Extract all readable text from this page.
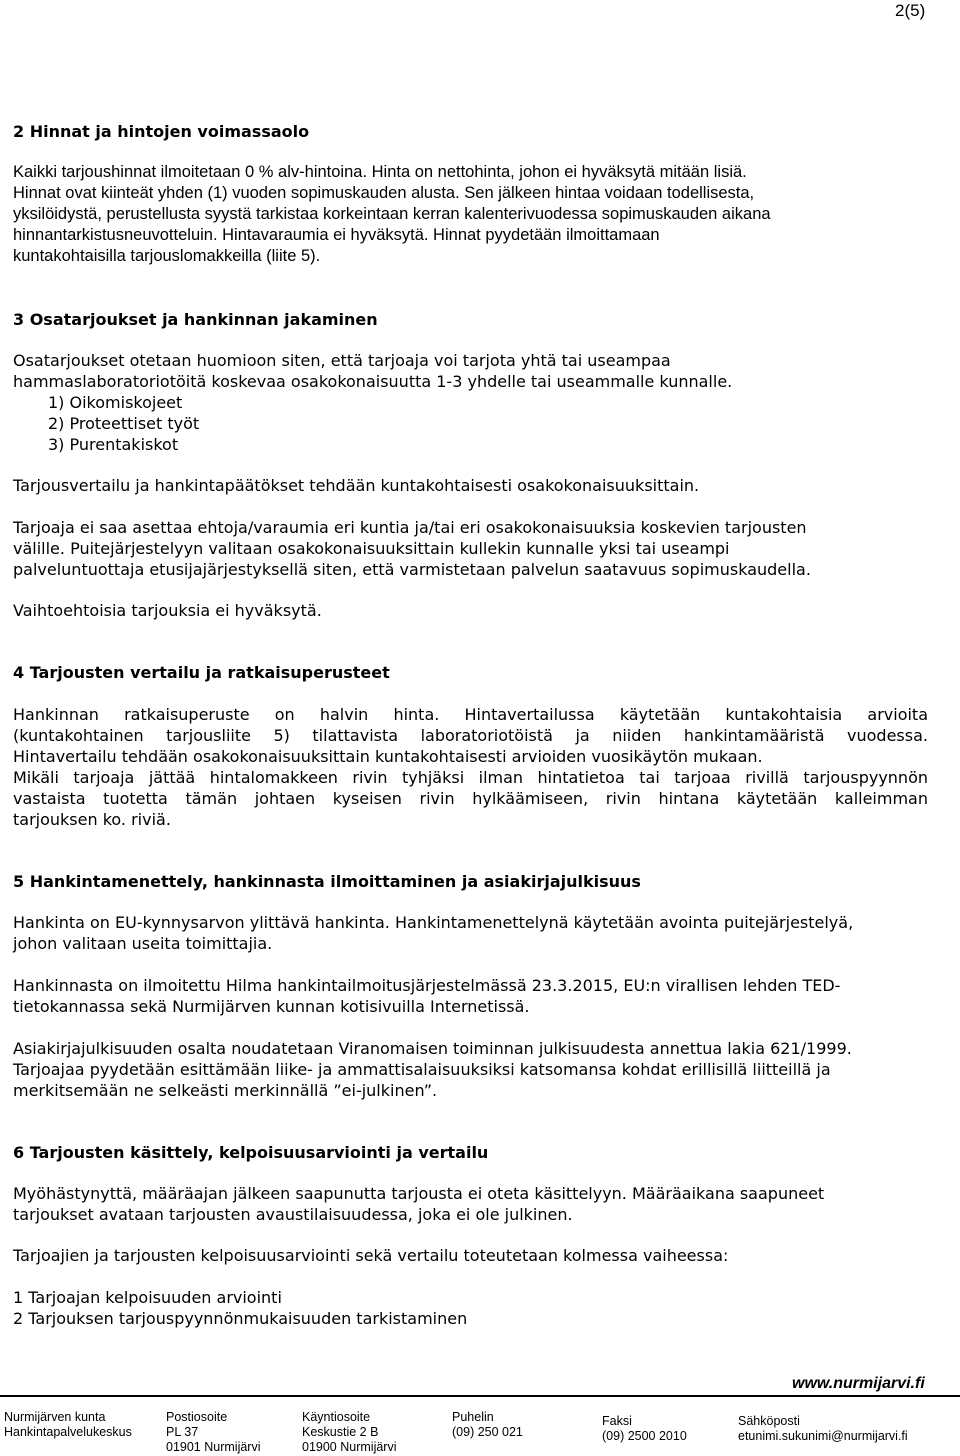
2(5)
2 Hinnat ja hintojen voimassaolo
Kaikki tarjoushinnat ilmoitetaan 0 % alv-hintoina. Hinta on nettohinta, johon ei hyväksytä mitään lisiä.
Hinnat ovat kiinteät yhden (1) vuoden sopimuskauden alusta. Sen jälkeen hintaa voidaan todellisesta,
yksilöidystä, perustellusta syystä tarkistaa korkeintaan kerran kalenterivuodessa sopimuskauden aikana
hinnantarkistusneuvotteluin. Hintavaraumia ei hyväksytä. Hinnat pyydetään ilmoittamaan
kuntakohtaisilla tarjouslomakkeilla (liite 5).
3 Osatarjoukset ja hankinnan jakaminen
Osatarjoukset otetaan huomioon siten, että tarjoaja voi tarjota yhtä tai useampaa
hammaslaboratoriotöitä koskevaa osakokonaisuutta 1-3 yhdelle tai useammalle kunnalle.
1) Oikomiskojeet
2) Proteettiset työt
3) Purentakiskot
Tarjousvertailu ja hankintapäätökset tehdään kuntakohtaisesti osakokonaisuuksittain.
Tarjoaja ei saa asettaa ehtoja/varaumia eri kuntia ja/tai eri osakokonaisuuksia koskevien tarjousten
välille. Puitejärjestelyyn valitaan osakokonaisuuksittain kullekin kunnalle yksi tai useampi
palveluntuottaja etusijajärjestyksellä siten, että varmistetaan palvelun saatavuus sopimuskaudella.
Vaihtoehtoisia tarjouksia ei hyväksytä.
4 Tarjousten vertailu ja ratkaisuperusteet
Hankinnan ratkaisuperuste on halvin hinta. Hintavertailussa käytetään kuntakohtaisia arvioita
(kuntakohtainen tarjousliite 5) tilattavista laboratoriotöistä ja niiden hankintamääristä vuodessa.
Hintavertailu tehdään osakokonaisuuksittain kuntakohtaisesti arvioiden vuosikäytön mukaan.
Mikäli tarjoaja jättää hintalomakkeen rivin tyhjäksi ilman hintatietoa tai tarjoaa rivillä tarjouspyynnön
vastaista tuotetta tämän johtaen kyseisen rivin hylkäämiseen, rivin hintana käytetään kalleimman
tarjouksen ko. riviä.
5 Hankintamenettely, hankinnasta ilmoittaminen ja asiakirjajulkisuus
Hankinta on EU-kynnysarvon ylittävä hankinta. Hankintamenettelynä käytetään avointa puitejärjestelyä,
johon valitaan useita toimittajia.
Hankinnasta on ilmoitettu Hilma hankintailmoitusjärjestelmässä 23.3.2015, EU:n virallisen lehden TED-
tietokannassa sekä Nurmijärven kunnan kotisivuilla Internetissä.
Asiakirjajulkisuuden osalta noudatetaan Viranomaisen toiminnan julkisuudesta annettua lakia 621/1999.
Tarjoajaa pyydetään esittämään liike- ja ammattisalaisuuksiksi katsomansa kohdat erillisillä liitteillä ja
merkitsemään ne selkeästi merkinnällä ”ei-julkinen”.
6 Tarjousten käsittely, kelpoisuusarviointi ja vertailu
Myöhästynyttä, määräajan jälkeen saapunutta tarjousta ei oteta käsittelyyn. Määräaikana saapuneet
tarjoukset avataan tarjousten avaustilaisuudessa, joka ei ole julkinen.
Tarjoajien ja tarjousten kelpoisuusarviointi sekä vertailu toteutetaan kolmessa vaiheessa:
1 Tarjoajan kelpoisuuden arviointi
2 Tarjouksen tarjouspyynnönmukaisuuden tarkistaminen
www.nurmijarvi.fi
Nurmijärven kunta
Hankintapalvelukeskus
Postiosoite
PL 37
01901 Nurmijärvi
Käyntiosoite
Keskustie 2 B
01900 Nurmijärvi
Puhelin
(09) 250 021
Faksi
(09) 2500 2010
Sähköposti
etunimi.sukunimi@nurmijarvi.fi
